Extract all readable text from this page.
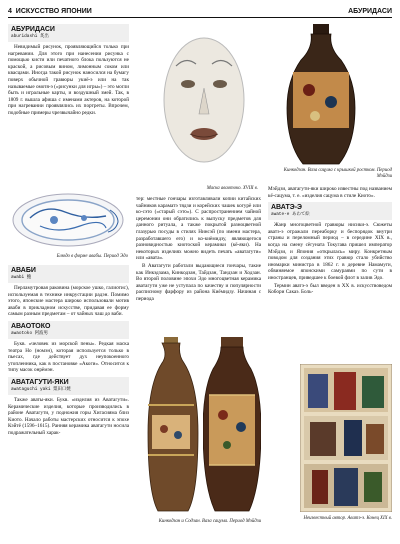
4 ИСКУССТВО ЯПОНИИ	АБУРИДАСИ
АБУРИДАСИ
aburidashi 炙出

Невидимый рисунок, проявляющийся только при нагревании. Для этого при нанесении рисунка с помощью кисти или печатного блока пользуются не краской, а рисовым вином, лимонным соком или квасцами. Иногда такой рисунок наносился на бумагу поверх обычной гравюры укиё-э или на так называемые омотя-э («рисунки для игры») – это могли быть и игральные карты, и воздушный змей. Так, в 1809 г. вышла афиша с именами актеров, на которой при нагревании проявлялись их портреты. Впрочем, подобные примеры чрезвычайно редки.

Блюдо в форме авабы. Период Эдо
АВАБИ
awabi 鮑

Перламутровая раковина (морское ушко, галиотис), используемая в технике инкрустации радэн. Помимо этого, японские мастера широко использовали мотив аваби в прикладном искусстве, придавая ее форму самым разным предметам – от чайных чаш до ваби.

АВАОТОКО
awaotoko 阿波男

Букв. «человек из морской пены». Редкая маска театра Но (номэн), которая используется только в пьесах, где действует дух неупокоенного утопленника, как в постановке «Акоги». Относится к типу масок онрёмэн.

АВАТАГУТИ-ЯКИ
awataguchi yaki 粟田口焼

Также аваты-яки. Букв. «изделия из Аватагути». Керамические изделия, которые производились в районе Аватагути, у подножия горы Хигасияма близ Киото. Начало работы мастерских относится к эпохе Кэйтё (1596–1615). Ранняя керамика аватагути носила подражательный харак-

Маска авaотоко. XVIII в.

тер: местные гончары изготавливали копии китайских чайников караматэ тядзи и корейских чашек когурё или ко-сэто («старый сэто»). С распространением чайной церемонии они обратились к выпуску предметов для данного ритуала, а также покрытой разноцветной глазурью посуды в стилях Нинсэй (по имени мастера, разработавшего его) и ко-киёмидзу, являющегося разновидностью киотоской керамики (кё-яки). На некоторых изделиях можно видеть печать «аватагути» или «авата».

В Аватагути работали выдающиеся гончары, такие как Инкэдзама, Кинкодзан, Тайдзан, Тандзан и Ходзан. Во второй половине эпохи Эдо многоцветная керамика аватагути уже не уступала по качеству и популярности расписному фарфору из района Киёмидзу. Начиная с периода

Кинкодзан и Содзан. Ваза сацума. Период Мэйдзи
Кинкодзан. Ваза сацума с крышкой ростком. Период Мэйдзи

Мэйдзи, аватагути-яки широко известны под названием кё-сацума, т. е. «изделия сацума в стиле Киото».

АВАТЭ-Э
awate-e あわて絵

Жанр многоцветной гравюры нисики-э. Сюжеты аватэ-э отражали переаборку и беспорядок внутри страны и переломный период – в середине XIX в., когда на смену сёгуната Токугава пришел император Мэйдзи, и Япония «открылась» миру. Конкретным поводом для создания этих гравюр стало убийство иномарки министра в 1862 г. в деревне Намамуги, обвиняемое японскими самураями по сути в иностранцев, приведшее к боевой флот в залив Эдо.

Термин аватэ-э был введен в ХХ в. искусствоведом Кобори Сакаэ. Боль-

Неизвестный автор. Аватэ-э. Конец XIX в.
